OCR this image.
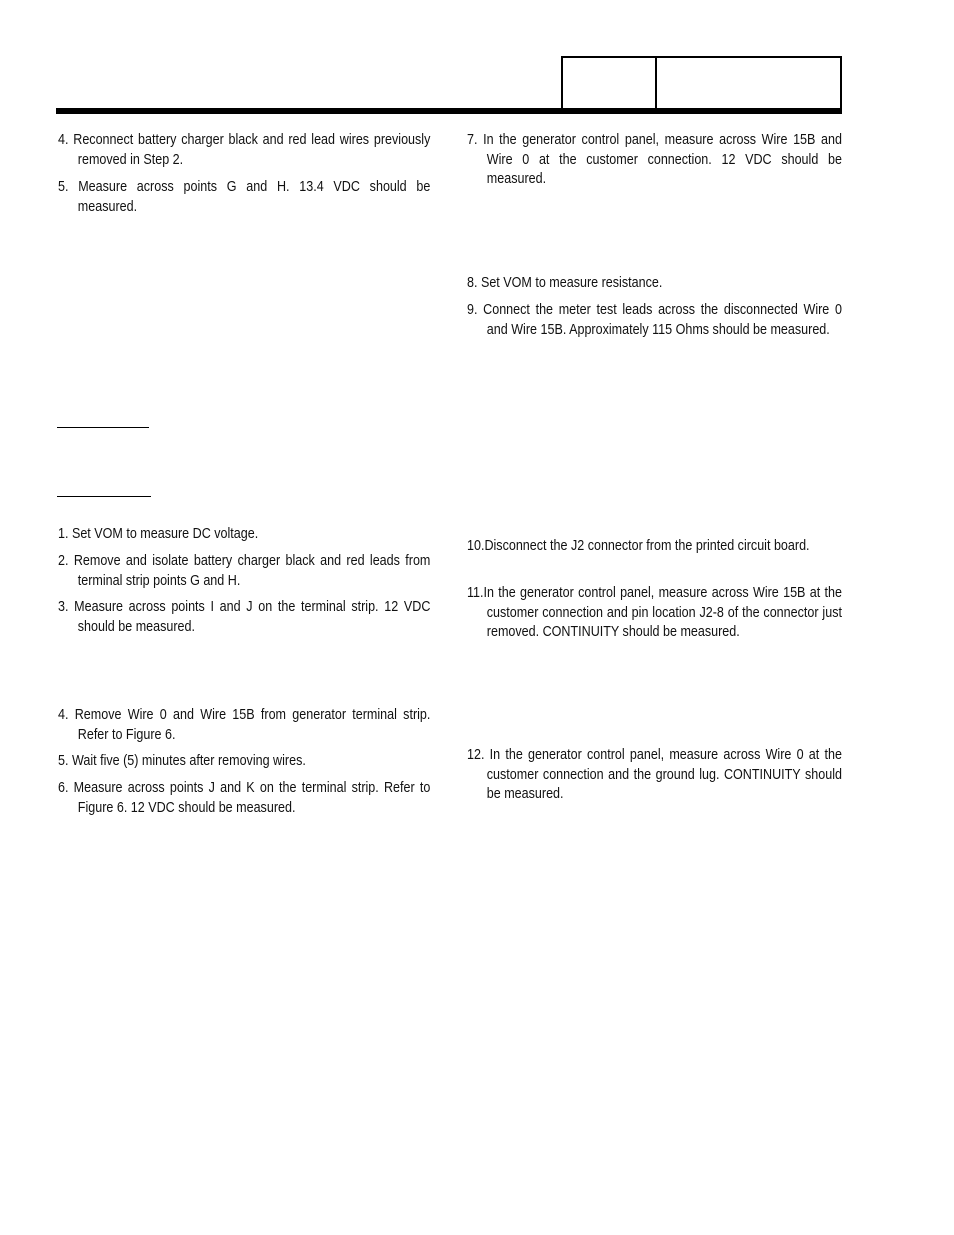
4. Reconnect battery charger black and red lead wires previously removed in Step 2.

5. Measure across points G and H. 13.4 VDC should be measured.

1. Set VOM to measure DC voltage.

2. Remove and isolate battery charger black and red leads from terminal strip points G and H.

3. Measure across points I and J on the terminal strip. 12 VDC should be measured.

4. Remove Wire 0 and Wire 15B from generator terminal strip. Refer to Figure 6.

5. Wait five (5) minutes after removing wires.

6. Measure across points J and K on the terminal strip. Refer to Figure 6. 12 VDC should be measured.

7. In the generator control panel, measure across Wire 15B and Wire 0 at the customer connection. 12 VDC should be measured.

8. Set VOM to measure resistance.

9. Connect the meter test leads across the disconnected Wire 0 and Wire 15B. Approximately 115 Ohms should be measured.

10.Disconnect the J2 connector from the printed circuit board.

11.In the generator control panel, measure across Wire 15B at the customer connection and pin location J2-8 of the connector just removed. CONTINUITY should be measured.

12. In the generator control panel, measure across Wire 0 at the customer connection and the ground lug. CONTINUITY should be measured.
